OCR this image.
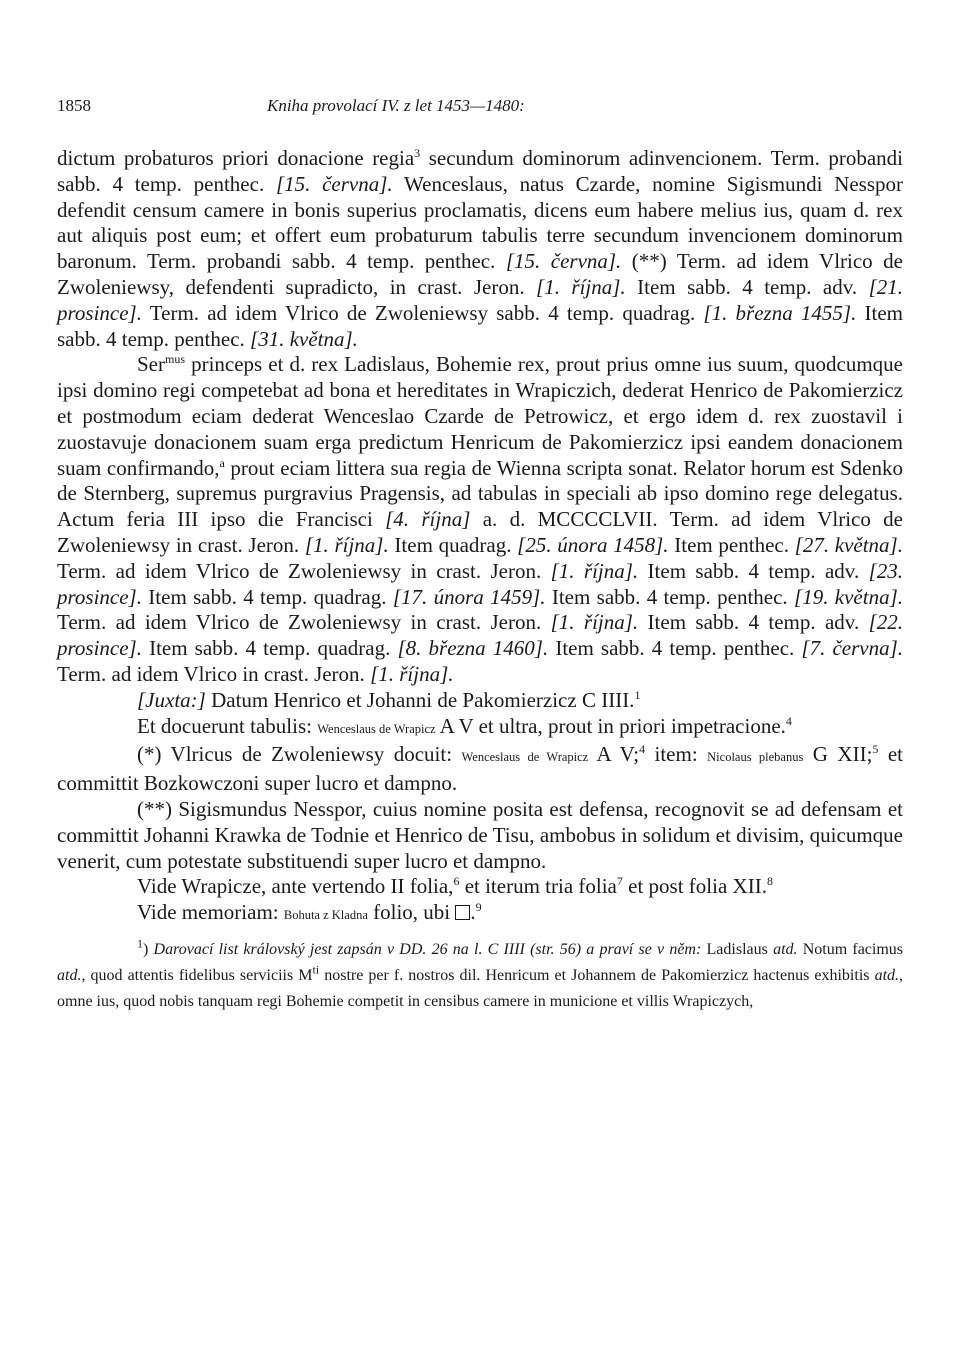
1858	Kniha provolací IV. z let 1453—1480:

dictum probaturos priori donacione regia$^3$ secundum dominorum adinvencionem. Term. probandi sabb. 4 temp. penthec. [15. června]. Wenceslaus, natus Czarde, nomine Sigismundi Nesspor defendit censum camere in bonis superius proclamatis, dicens eum habere melius ius, quam d. rex aut aliquis post eum; et offert eum probaturum tabulis terre secundum invencionem dominorum baronum. Term. probandi sabb. 4 temp. penthec. [15. června]. (**) Term. ad idem Vlrico de Zwoleniewsy, defendenti supradicto, in crast. Jeron. [1. října]. Item sabb. 4 temp. adv. [21. prosince]. Term. ad idem Vlrico de Zwoleniewsy sabb. 4 temp. quadrag. [1. března 1455]. Item sabb. 4 temp. penthec. [31. května].

Ser$^{mus}$ princeps et d. rex Ladislaus, Bohemie rex, prout prius omne ius suum, quodcumque ipsi domino regi competebat ad bona et hereditates in Wrapiczich, dederat Henrico de Pakomierzicz et postmodum eciam dederat Wenceslao Czarde de Petrowicz, et ergo idem d. rex zuostavil i zuostavuje donacionem suam erga predictum Henricum de Pakomierzicz ipsi eandem donacionem suam confirmando,$^a$ prout eciam littera sua regia de Wienna scripta sonat. Relator horum est Sdenko de Sternberg, supremus purgravius Pragensis, ad tabulas in speciali ab ipso domino rege delegatus. Actum feria III ipso die Francisci [4. října] a. d. MCCCCLVII. Term. ad idem Vlrico de Zwoleniewsy in crast. Jeron. [1. října]. Item quadrag. [25. února 1458]. Item penthec. [27. května]. Term. ad idem Vlrico de Zwoleniewsy in crast. Jeron. [1. října]. Item sabb. 4 temp. adv. [23. prosince]. Item sabb. 4 temp. quadrag. [17. února 1459]. Item sabb. 4 temp. penthec. [19. května]. Term. ad idem Vlrico de Zwoleniewsy in crast. Jeron. [1. října]. Item sabb. 4 temp. adv. [22. prosince]. Item sabb. 4 temp. quadrag. [8. března 1460]. Item sabb. 4 temp. penthec. [7. června]. Term. ad idem Vlrico in crast. Jeron. [1. října].

[Juxta:] Datum Henrico et Johanni de Pakomierzicz C IIII.$^1$

Et docuerunt tabulis: Wenceslaus de Wrapicz A V et ultra, prout in priori impetracione.$^4$

(*) Vlricus de Zwoleniewsy docuit: Wenceslaus de Wrapicz A V;$^4$ item: Nicolaus plebanus G XII;$^5$ et committit Bozkowczoni super lucro et dampno.

(**) Sigismundus Nesspor, cuius nomine posita est defensa, recognovit se ad defensam et committit Johanni Krawka de Todnie et Henrico de Tisu, ambobus in solidum et divisim, quicumque venerit, cum potestate substituendi super lucro et dampno.

Vide Wrapicze, ante vertendo II folia,$^6$ et iterum tria folia$^7$ et post folia XII.$^8$

Vide memoriam: Bohuta z Kladna folio, ubi .$^9$

$^1$) Darovací list královský jest zapsán v DD. 26 na l. C IIII (str. 56) a praví se v něm: Ladislaus atd. Notum facimus atd., quod attentis fidelibus serviciis $M^{ti}$ nostre per f. nostros dil. Henricum et Johannem de Pakomierzicz hactenus exhibitis atd., omne ius, quod nobis tanquam regi Bohemie competit in censibus camere in municione et villis Wrapiczych,
